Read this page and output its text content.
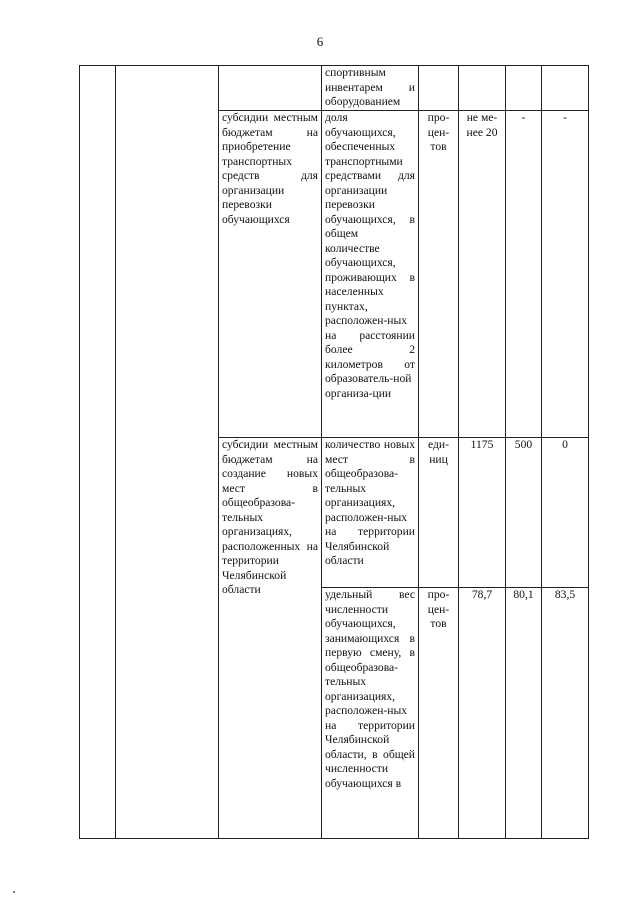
6
			спортивным инвентарем и оборудованием				
		субсидии местным бюджетам на приобретение транспортных средств для организации перевозки обучающихся	доля обучающихся, обеспеченных транспортными средствами для организации перевозки обучающихся, в общем количестве обучающихся, проживающих в населенных пунктах, расположен-ных на расстоянии более 2 километров от образователь-ной организа-ции	про-цен-тов	не ме-нее 20	-	-
		субсидии местным бюджетам на создание новых мест в общеобразова-тельных организациях, расположенных на территории Челябинской области	количество новых мест в общеобразова-тельных организациях, расположен-ных на территории Челябинской области	еди-ниц	1175	500	0
			удельный вес численности обучающихся, занимающихся в первую смену, в общеобразова-тельных организациях, расположен-ных на территории Челябинской области, в общей численности обучающихся в	про-цен-тов	78,7	80,1	83,5
